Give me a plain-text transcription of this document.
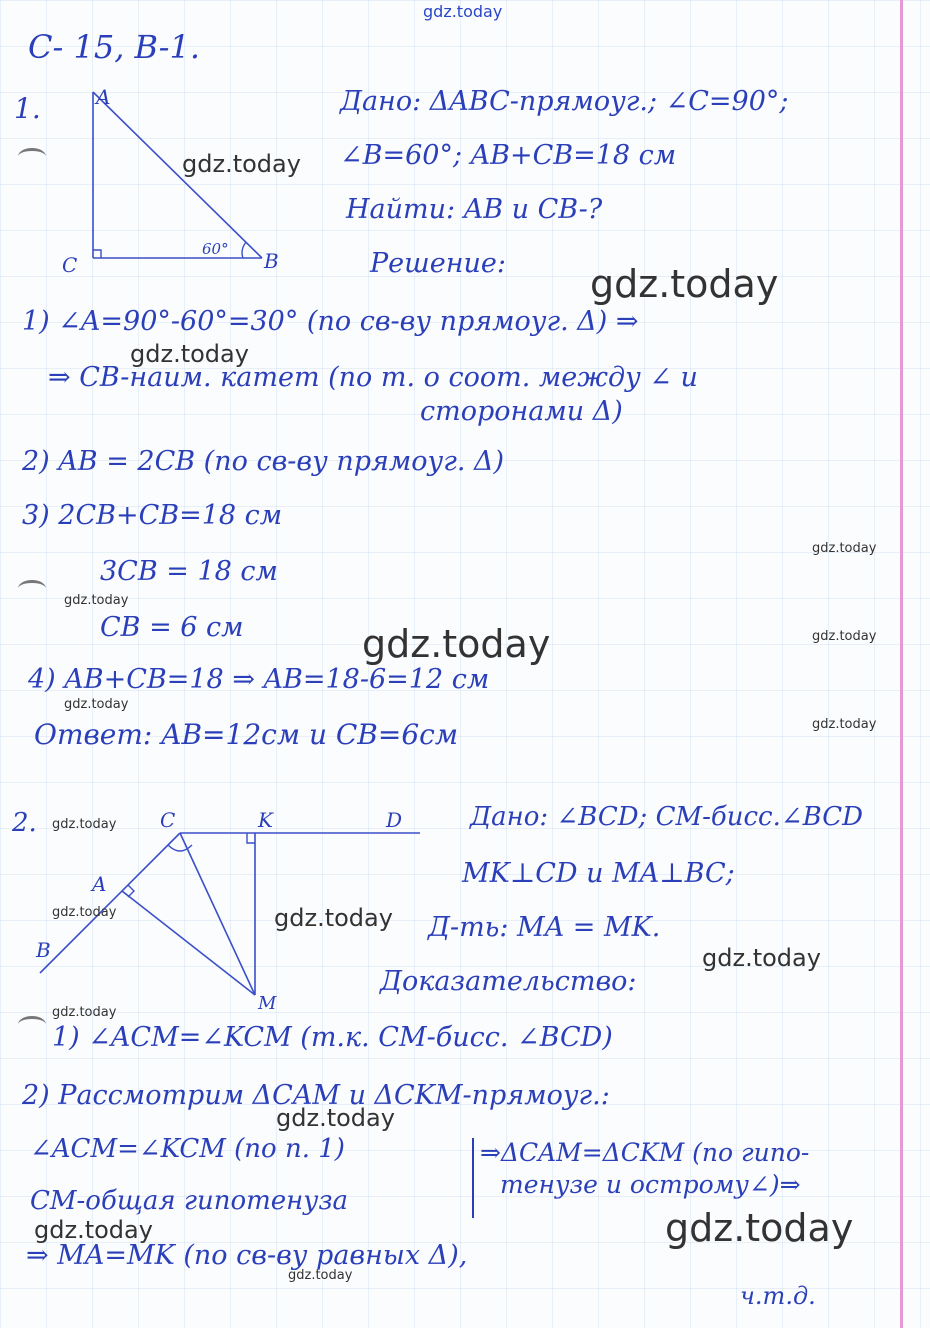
C- 15, B-1.
1.	A
C	B
60°
Дано: ΔABC-прямоуг.; ∠C=90°;
∠B=60°; AB+CB=18 см
Найти: AB и CB-?
Решение:
1) ∠A=90°-60°=30° (по св-ву прямоуг. Δ) ⇒
⇒ CB-наим. катет (по т. о соот. между ∠ и
сторонами Δ)
2) AB = 2CB (по св-ву прямоуг. Δ)
3) 2CB+CB=18 см
3CB = 18 см
CB = 6 см
4) AB+CB=18 ⇒ AB=18-6=12 см
Ответ: AB=12см и CB=6см
2.	C	K	D
A
B
M
Дано: ∠BCD; CM-бисс.∠BCD
MK⊥CD и MA⊥BC;
Д-ть: MA = MK.
Доказательство:
1) ∠ACM=∠KCM (т.к. CM-бисс. ∠BCD)
2) Рассмотрим ΔCAM и ΔCKM-прямоуг.:
∠ACM=∠KCM (по п. 1)
CM-общая гипотенуза
⇒ΔCAM=ΔCKM (по гипо-
тенузе и острому∠)⇒
⇒ MA=MK (по св-ву равных Δ),
ч.т.д.
gdz.today
gdz.today
gdz.today
gdz.today
gdz.today
gdz.today
gdz.today	gdz.today
gdz.today
gdz.today
gdz.today
gdz.today	gdz.today
gdz.today
gdz.today
gdz.today
gdz.today	gdz.today
gdz.today
